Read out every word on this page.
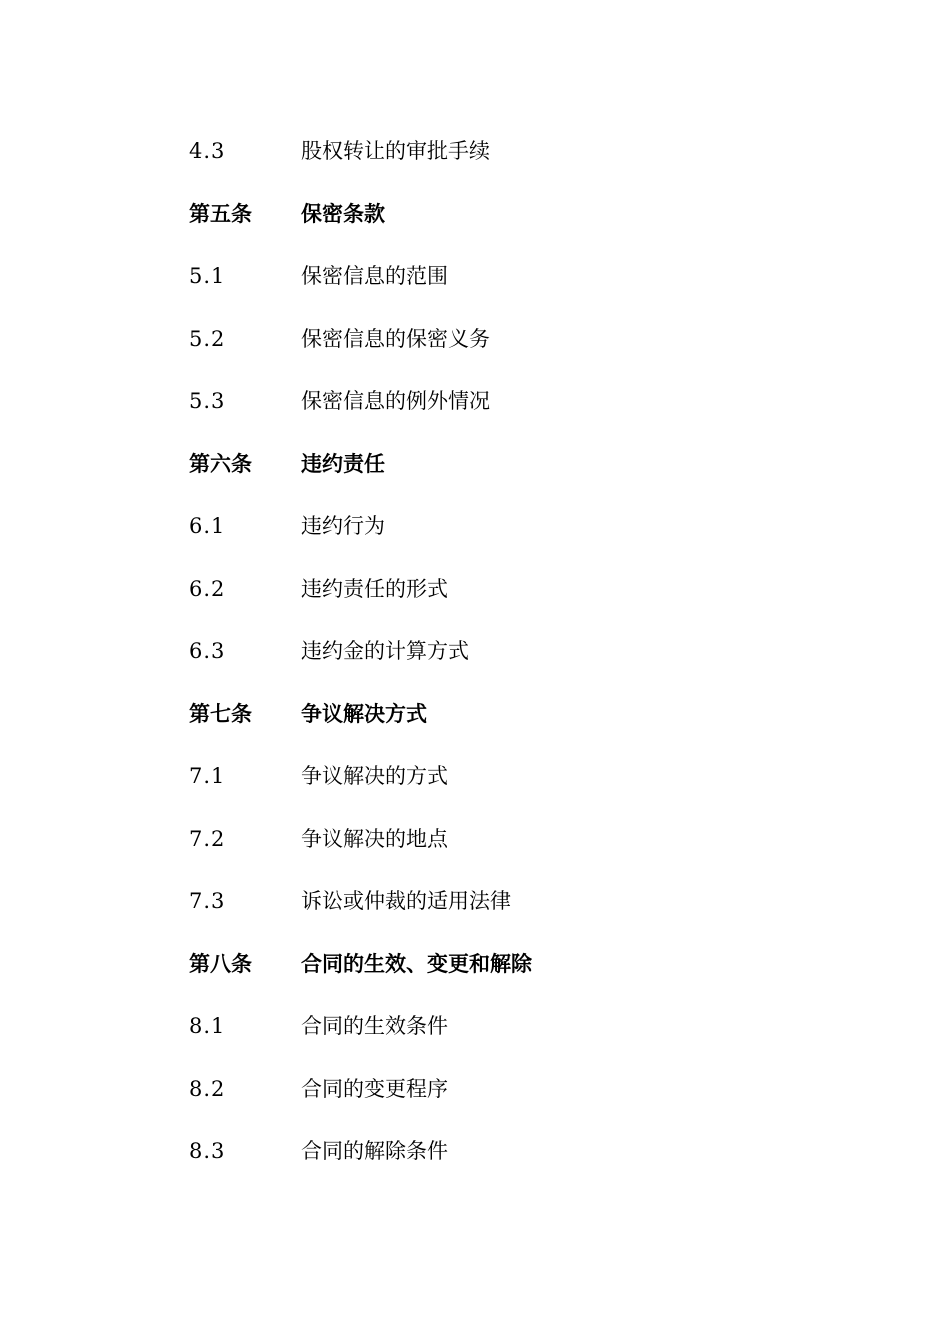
4.3	股权转让的审批手续
第五条	保密条款
5.1	保密信息的范围
5.2	保密信息的保密义务
5.3	保密信息的例外情况
第六条	违约责任
6.1	违约行为
6.2	违约责任的形式
6.3	违约金的计算方式
第七条	争议解决方式
7.1	争议解决的方式
7.2	争议解决的地点
7.3	诉讼或仲裁的适用法律
第八条	合同的生效、变更和解除
8.1	合同的生效条件
8.2	合同的变更程序
8.3	合同的解除条件
